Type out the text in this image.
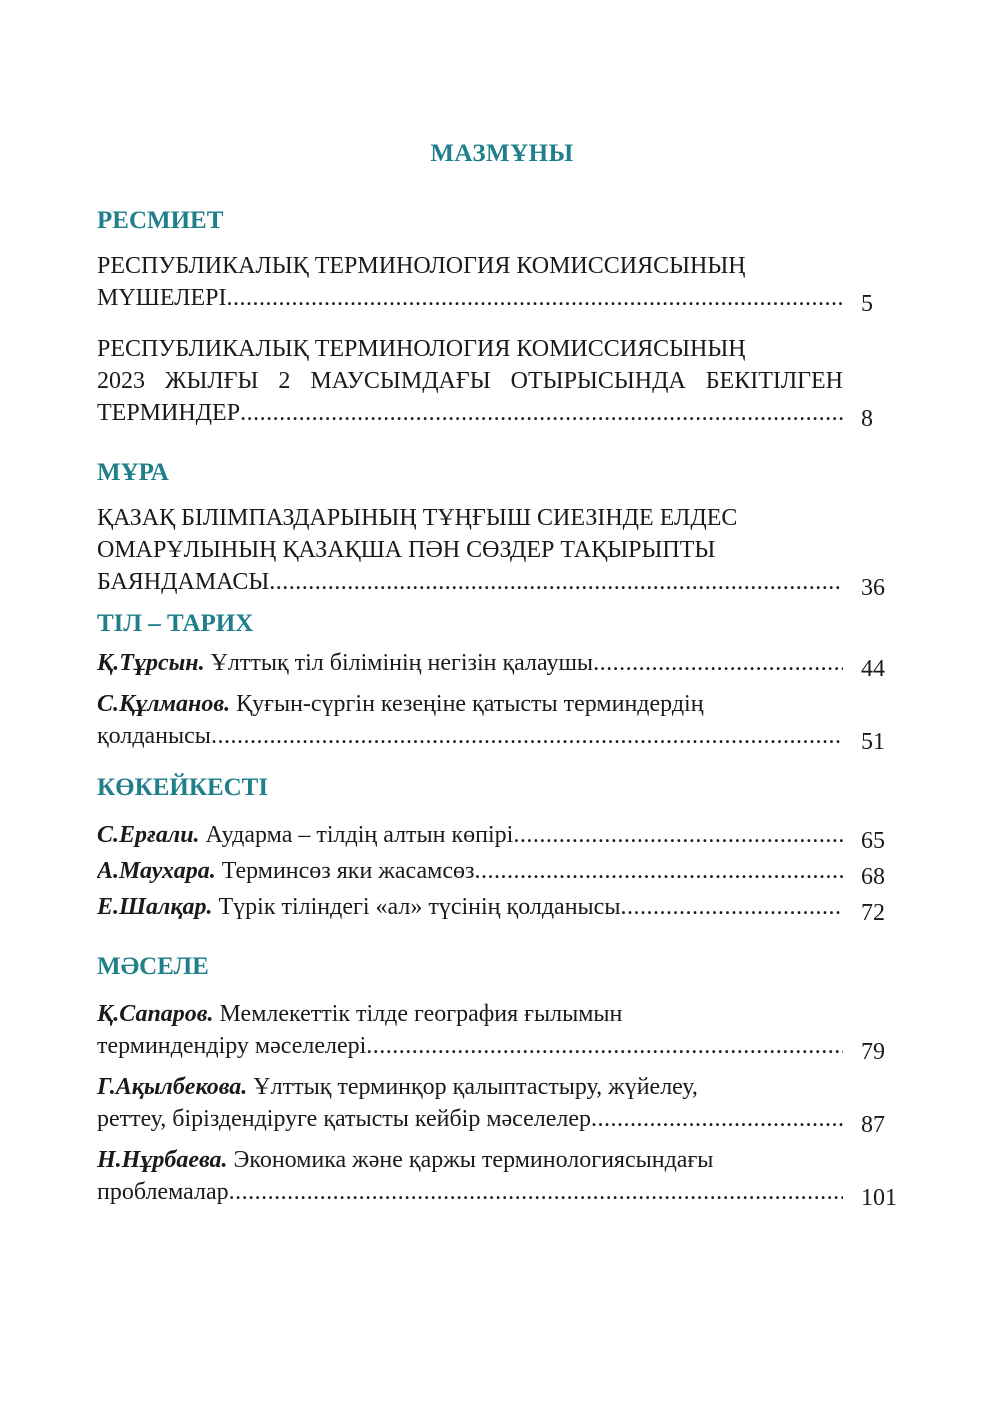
МАЗМҰНЫ
РЕСМИЕТ
РЕСПУБЛИКАЛЫҚ ТЕРМИНОЛОГИЯ КОМИССИЯСЫНЫҢ
МҮШЕЛЕРІ .....	5
РЕСПУБЛИКАЛЫҚ ТЕРМИНОЛОГИЯ КОМИССИЯСЫНЫҢ
2023 ЖЫЛҒЫ 2 МАУСЫМДАҒЫ ОТЫРЫСЫНДА БЕКІТІЛГЕН
ТЕРМИНДЕР .....	8
МҰРА
ҚАЗАҚ БІЛІМПАЗДАРЫНЫҢ ТҰҢҒЫШ СИЕЗІНДЕ ЕЛДЕС
ОМАРҰЛЫНЫҢ ҚАЗАҚША ПӘН СӨЗДЕР ТАҚЫРЫПТЫ
БАЯНДАМАСЫ .....	36
ТІЛ – ТАРИХ
Қ.Тұрсын. Ұлттық тіл білімінің негізін қалаушы .....	44
С.Құлманов. Қуғын-сүргін кезеңіне қатысты терминдердің
қолданысы .....	51
КӨКЕЙКЕСТІ
С.Ерғали. Аударма – тілдің алтын көпірі .....	65
А.Маухара. Терминсөз яки жасамсөз .....	68
Е.Шалқар. Түрік тіліндегі «ал» түсінің қолданысы .....	72
МӘСЕЛЕ
Қ.Сапаров. Мемлекеттік тілде география ғылымын
терминдендіру мәселелері .....	79
Г.Ақылбекова. Ұлттық терминқор қалыптастыру, жүйелеу,
реттеу, біріздендіруге қатысты кейбір мәселелер .....	87
Н.Нұрбаева. Экономика және қаржы терминологиясындағы
проблемалар .....	101
